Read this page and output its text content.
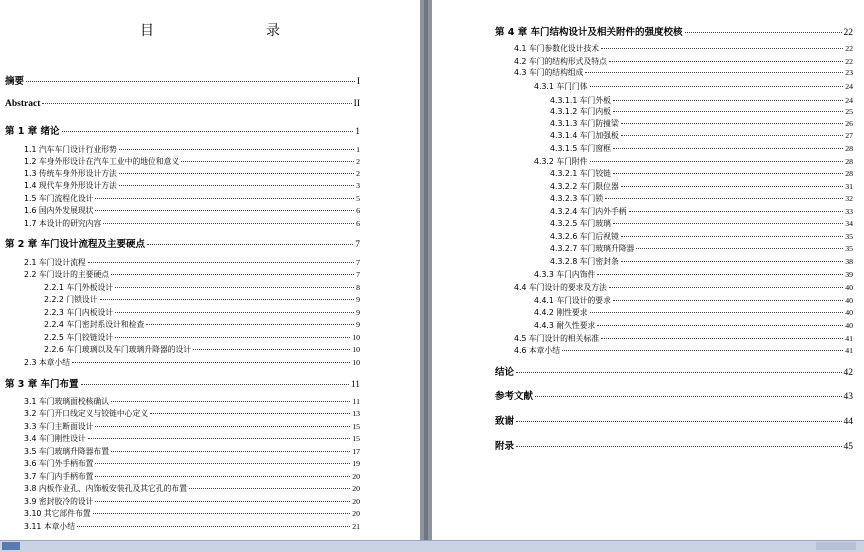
目　　录
摘要	I
Abstract	II
第 1 章 绪论	1
1.1 汽车车门设计行业形势	1
1.2 车身外形设计在汽车工业中的地位和意义	2
1.3 传统车身外形设计方法	2
1.4 现代车身外形设计方法	3
1.5 车门流程化设计	5
1.6 国内外发展现状	6
1.7 本设计的研究内容	6
第 2 章 车门设计流程及主要硬点	7
2.1 车门设计流程	7
2.2 车门设计的主要硬点	7
2.2.1 车门外板设计	8
2.2.2 门锁设计	9
2.2.3 车门内板设计	9
2.2.4 车门密封系设计和检查	9
2.2.5 车门铰链设计	10
2.2.6 车门玻璃以及车门玻璃升降器的设计	10
2.3 本章小结	10
第 3 章 车门布置	11
3.1 车门玻璃面校核确认	11
3.2 车门开口线定义与铰链中心定义	13
3.3 车门主断面设计	15
3.4 车门刚性设计	15
3.5 车门玻璃升降器布置	17
3.6 车门外手柄布置	19
3.7 车门内手柄布置	20
3.8 内板作业孔、内饰板安装孔及其它孔的布置	20
3.9 密封胶冷的设计	20
3.10 其它部件布置	20
3.11 本章小结	21
第 4 章 车门结构设计及相关附件的强度校核	22
4.1 车门参数化设计技术	22
4.2 车门的结构形式及特点	22
4.3 车门的结构组成	23
4.3.1 车门门体	24
4.3.1.1 车门外板	24
4.3.1.2 车门内板	25
4.3.1.3 车门防撞梁	26
4.3.1.4 车门加强板	27
4.3.1.5 车门窗框	28
4.3.2 车门附件	28
4.3.2.1 车门铰链	28
4.3.2.2 车门限位器	31
4.3.2.3 车门锁	32
4.3.2.4 车门内外手柄	33
4.3.2.5 车门玻璃	34
4.3.2.6 车门后视镜	35
4.3.2.7 车门玻璃升降器	35
4.3.2.8 车门密封条	38
4.3.3 车门内饰件	39
4.4 车门设计的要求及方法	40
4.4.1 车门设计的要求	40
4.4.2 刚性要求	40
4.4.3 耐久性要求	40
4.5 车门设计的相关标准	41
4.6 本章小结	41
结论	42
参考文献	43
致谢	44
附录	45
